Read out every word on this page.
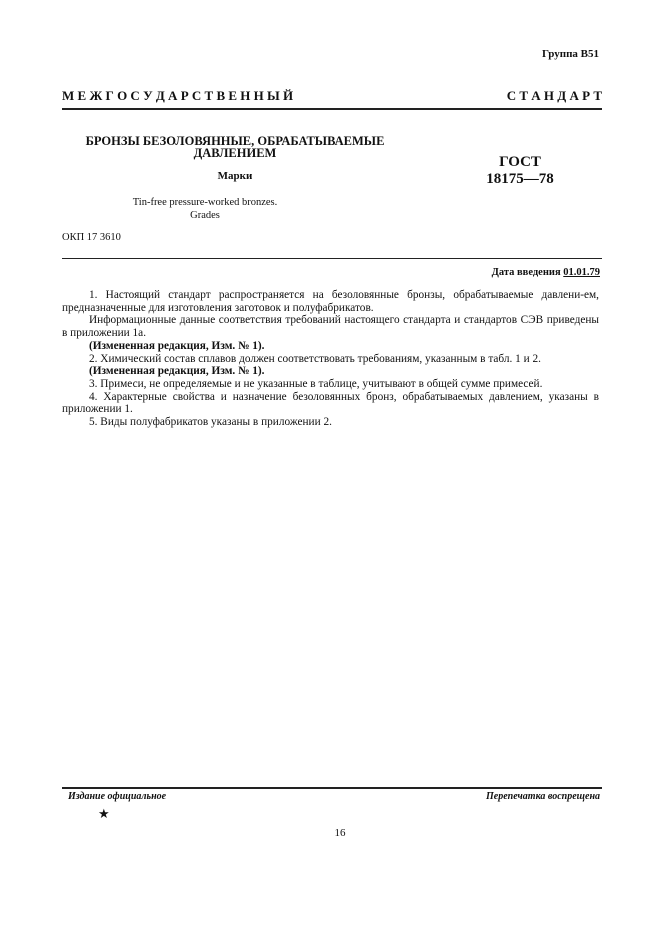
Группа В51
М Е Ж Г О С У Д А Р С Т В Е Н Н Ы Й	С Т А Н Д А Р Т
БРОНЗЫ БЕЗОЛОВЯННЫЕ, ОБРАБАТЫВАЕМЫЕ
ДАВЛЕНИЕМ
Марки
Tin-free pressure-worked bronzes.
Grades
ГОСТ
18175—78
ОКП 17 3610
Дата введения 01.01.79

1. Настоящий стандарт распространяется на безоловянные бронзы, обрабатываемые давлени-ем, предназначенные для изготовления заготовок и полуфабрикатов.

Информационные данные соответствия требований настоящего стандарта и стандартов СЭВ приведены в приложении 1а.

(Измененная редакция, Изм. № 1).

2. Химический состав сплавов должен соответствовать требованиям, указанным в табл. 1 и 2.

(Измененная редакция, Изм. № 1).

3. Примеси, не определяемые и не указанные в таблице, учитывают в общей сумме примесей.

4. Характерные свойства и назначение безоловянных бронз, обрабатываемых давлением, указаны в приложении 1.

5. Виды полуфабрикатов указаны в приложении 2.

Издание официальное	Перепечатка воспрещена
★
16
